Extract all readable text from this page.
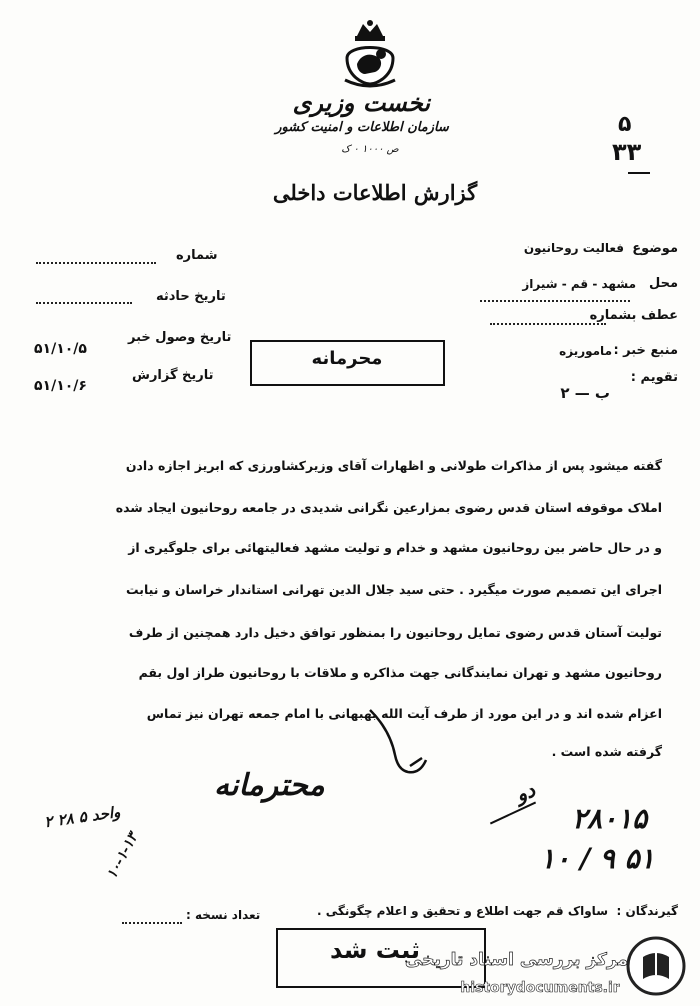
نخست وزیری
سازمان اطلاعات و امنیت کشور
ص ۱۰۰۰ ۰ ک
گزارش اطلاعات داخلی
۵
۳۳
موضوع
فعالیت روحانیون
محل
مشهد - قم - شیراز
عطف بشماره
منبع خبر :
ماموریزه
تقویم :
ب — ۲
شماره
تاریخ حادثه
تاریخ وصول خبر
۵۱/۱۰/۵
تاریخ گزارش
۵۱/۱۰/۶
محرمانه
گفته میشود پس از مذاکرات طولانی و اظهارات آقای وزیرکشاورزی که ابریز اجازه دادن
املاک موقوفه استان قدس رضوی بمزارعین نگرانی شدیدی در جامعه روحانیون ایجاد شده
و در حال حاضر بین روحانیون مشهد و خدام و تولیت مشهد فعالیتهائی برای جلوگیری از
اجرای این تصمیم صورت میگیرد . حتی سید جلال الدین تهرانی استاندار خراسان و نیابت
تولیت آستان قدس رضوی تمایل روحانیون را بمنظور توافق دخیل دارد همچنین از طرف
روحانیون مشهد و تهران نمایندگانی جهت مذاکره و ملاقات با روحانیون طراز اول بقم
اعزام شده اند و در این مورد از طرف آیت الله بهبهانی با امام جمعه تهران نیز تماس
گرفته شده است .
محترمانه
واحد ۵ ۲۸ ۲
۱۰-۱-۱۳
دو
۲۸۰۱۵
۱۰ / ۹ ۵۱
گیرندگان :
ساواک قم جهت اطلاع و تحقیق و اعلام چگونگی .
تعداد نسخه :
ثبت شد
مرکز بررسی اسناد تاریخی
historydocuments.ir
